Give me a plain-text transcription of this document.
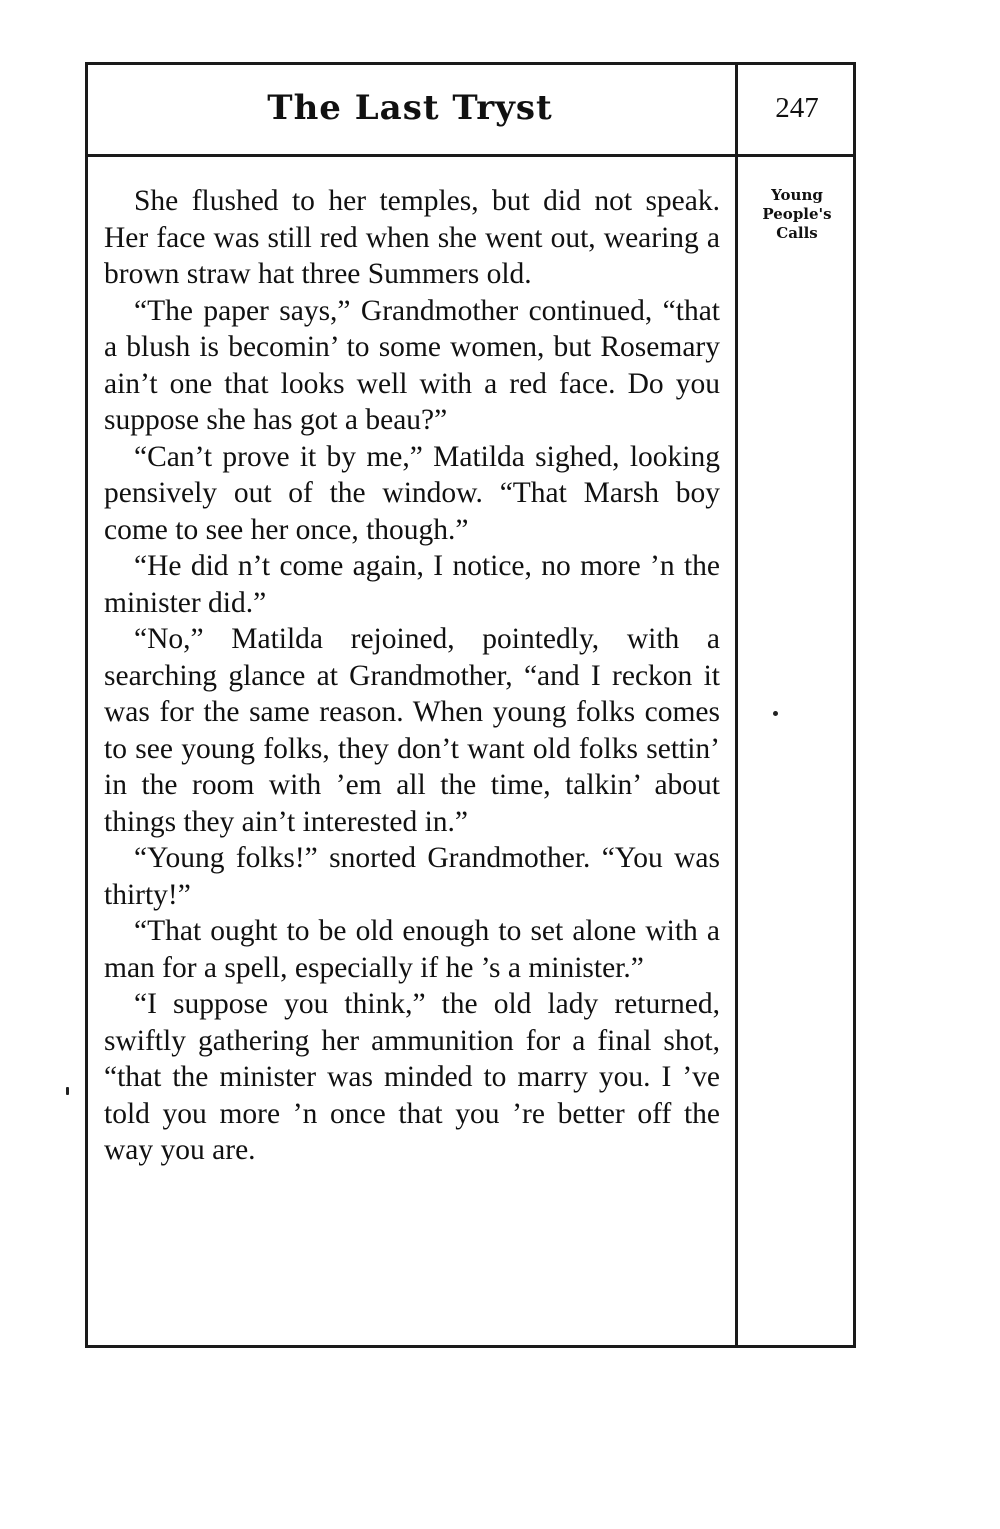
The Last Tryst	247
Young
People's
Calls

She flushed to her temples, but did not speak. Her face was still red when she went out, wearing a brown straw hat three Summers old.

“The paper says,” Grandmother continued, “that a blush is becomin’ to some women, but Rosemary ain’t one that looks well with a red face. Do you suppose she has got a beau?”

“Can’t prove it by me,” Matilda sighed, looking pensively out of the window. “That Marsh boy come to see her once, though.”

“He did n’t come again, I notice, no more ’n the minister did.”

“No,” Matilda rejoined, pointedly, with a searching glance at Grandmother, “and I reckon it was for the same reason. When young folks comes to see young folks, they don’t want old folks settin’ in the room with ’em all the time, talkin’ about things they ain’t interested in.”

“Young folks!” snorted Grandmother. “You was thirty!”

“That ought to be old enough to set alone with a man for a spell, especially if he ’s a minister.”

“I suppose you think,” the old lady returned, swiftly gathering her ammunition for a final shot, “that the minister was minded to marry you. I ’ve told you more ’n once that you ’re better off the way you are.
